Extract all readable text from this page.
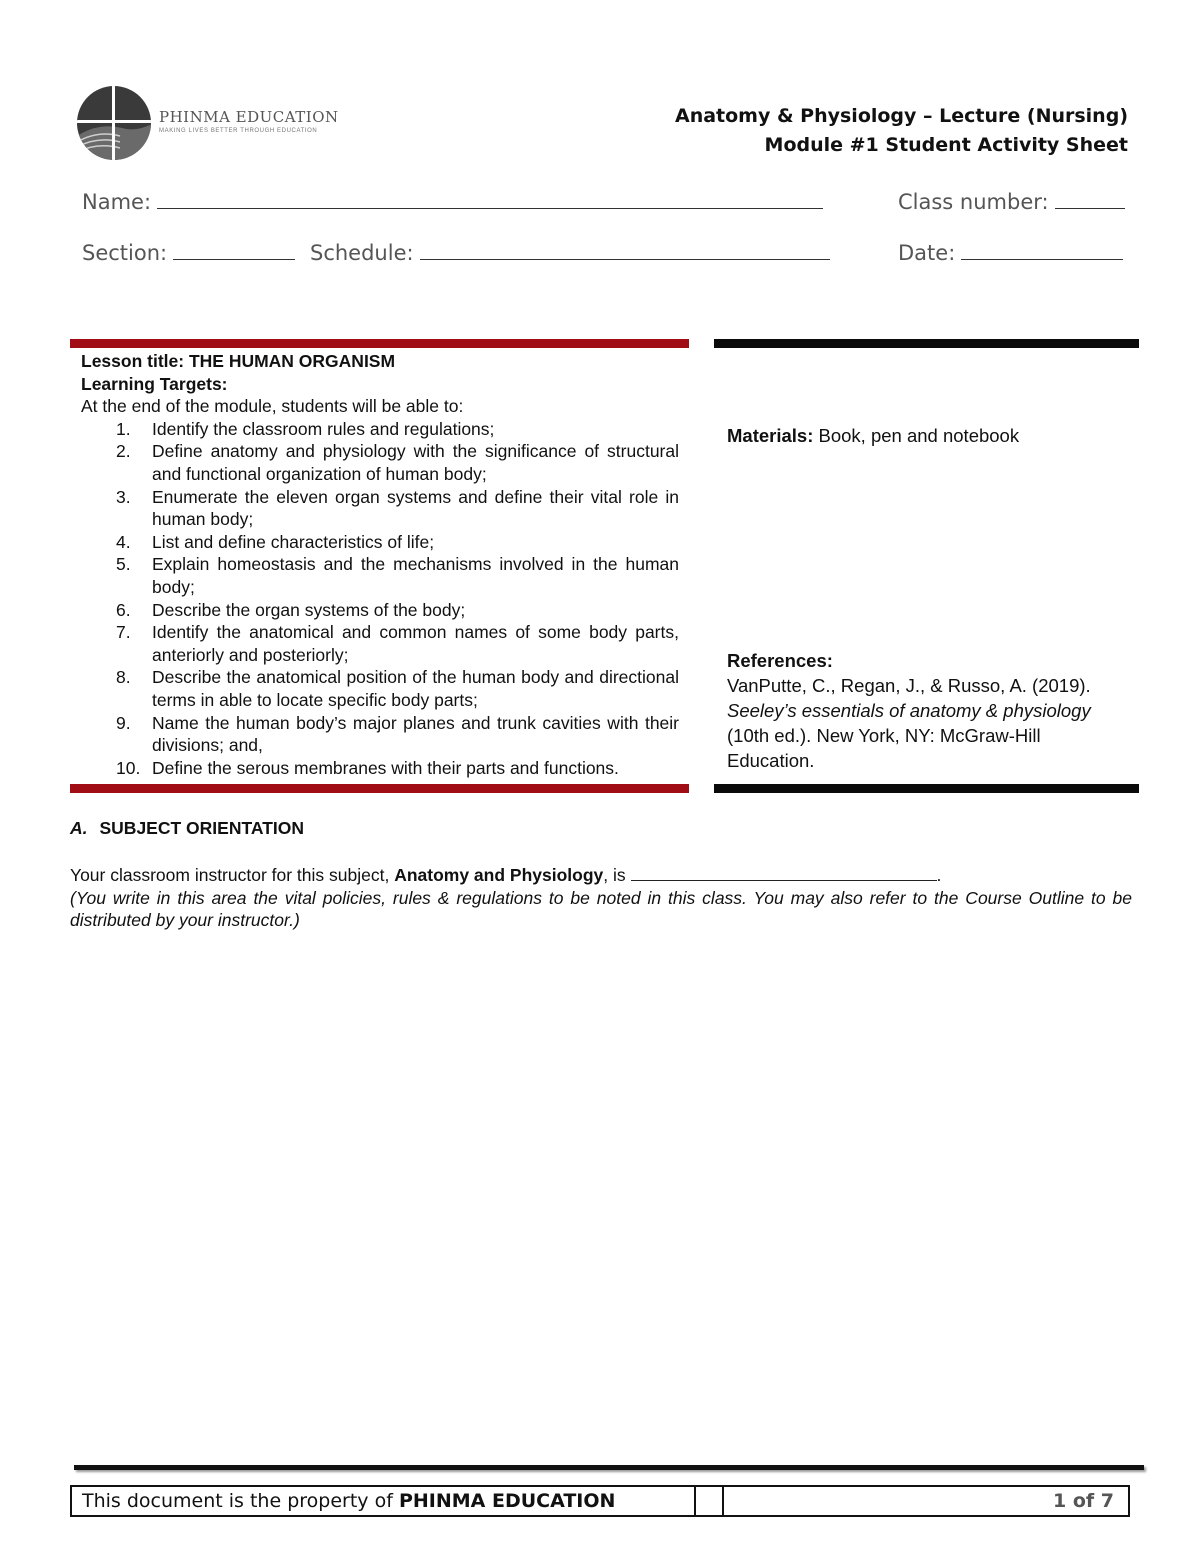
PHINMA EDUCATION
MAKING LIVES BETTER THROUGH EDUCATION
Anatomy & Physiology – Lecture (Nursing)
Module #1 Student Activity Sheet
Name:	Class number:
Section:	Schedule:	Date:
Lesson title: THE HUMAN ORGANISM
Learning Targets:
At the end of the module, students will be able to:
1.	Identify the classroom rules and regulations;
2.	Define anatomy and physiology with the significance of structural and functional organization of human body;
3.	Enumerate the eleven organ systems and define their vital role in human body;
4.	List and define characteristics of life;
5.	Explain homeostasis and the mechanisms involved in the human body;
6.	Describe the organ systems of the body;
7.	Identify the anatomical and common names of some body parts, anteriorly and posteriorly;
8.	Describe the anatomical position of the human body and directional terms in able to locate specific body parts;
9.	Name the human body’s major planes and trunk cavities with their divisions; and,
10. Define the serous membranes with their parts and functions.
Materials: Book, pen and notebook
References:
VanPutte, C., Regan, J., & Russo, A. (2019). Seeley’s essentials of anatomy & physiology (10th ed.). New York, NY: McGraw-Hill Education.
A. SUBJECT ORIENTATION
Your classroom instructor for this subject, Anatomy and Physiology, is	.
(You write in this area the vital policies, rules & regulations to be noted in this class. You may also refer to the Course Outline to be distributed by your instructor.)
This document is the property of PHINMA EDUCATION	1 of 7
